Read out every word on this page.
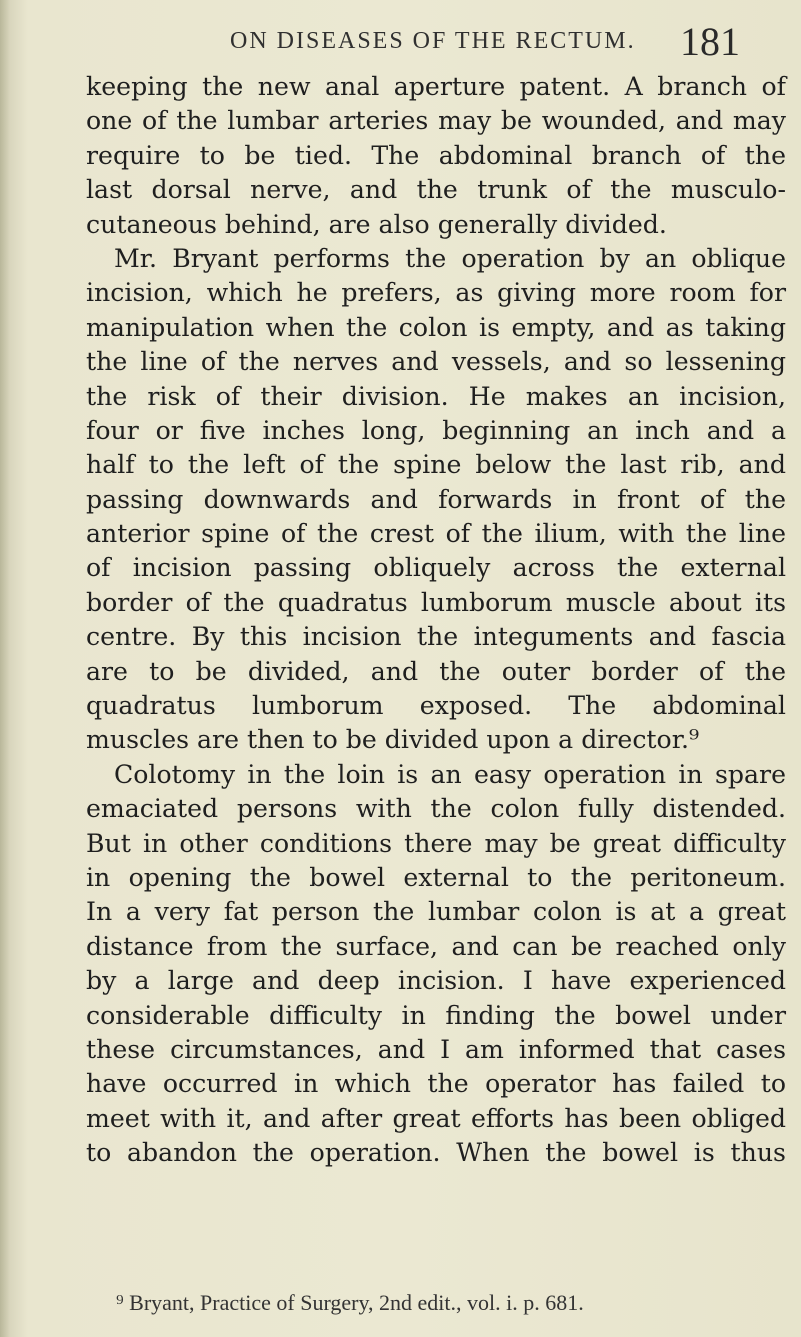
ON DISEASES OF THE RECTUM. 181
keeping the new anal aperture patent. A branch of
one of the lumbar arteries may be wounded, and may
require to be tied. The abdominal branch of the
last dorsal nerve, and the trunk of the musculo-
cutaneous behind, are also generally divided.
Mr. Bryant performs the operation by an oblique
incision, which he prefers, as giving more room for
manipulation when the colon is empty, and as taking
the line of the nerves and vessels, and so lessening
the risk of their division. He makes an incision,
four or five inches long, beginning an inch and a
half to the left of the spine below the last rib, and
passing downwards and forwards in front of the
anterior spine of the crest of the ilium, with the line
of incision passing obliquely across the external
border of the quadratus lumborum muscle about its
centre. By this incision the integuments and fascia
are to be divided, and the outer border of the
quadratus lumborum exposed. The abdominal
muscles are then to be divided upon a director.⁹
Colotomy in the loin is an easy operation in spare
emaciated persons with the colon fully distended.
But in other conditions there may be great difficulty
in opening the bowel external to the peritoneum.
In a very fat person the lumbar colon is at a great
distance from the surface, and can be reached only
by a large and deep incision. I have experienced
considerable difficulty in finding the bowel under
these circumstances, and I am informed that cases
have occurred in which the operator has failed to
meet with it, and after great efforts has been obliged
to abandon the operation. When the bowel is thus
⁹ Bryant, Practice of Surgery, 2nd edit., vol. i. p. 681.
